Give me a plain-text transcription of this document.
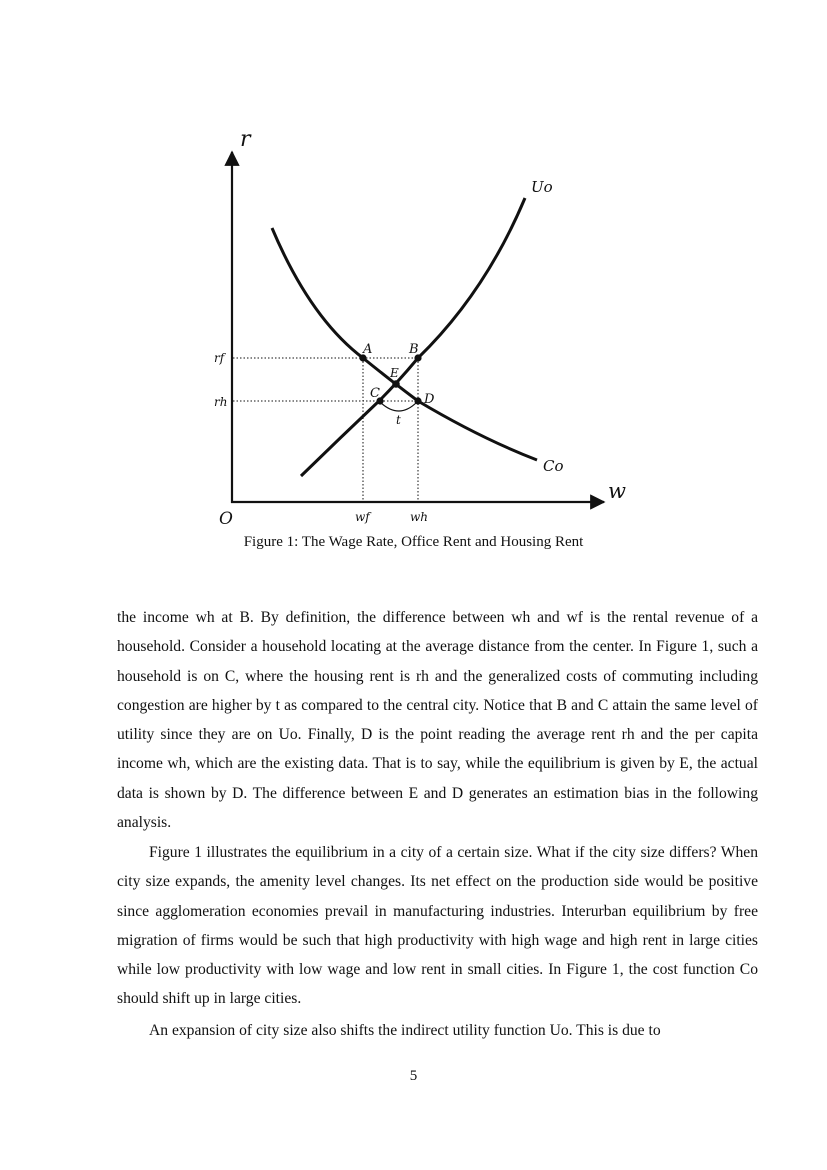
r
w
O
Uo
Co
A	B
E
C	D
t
rf
rh
wf	wh
Figure 1: The Wage Rate, Office Rent and Housing Rent

the income wh at B. By definition, the difference between wh and wf is the rental revenue of a household. Consider a household locating at the average distance from the center. In Figure 1, such a household is on C, where the housing rent is rh and the generalized costs of commuting including congestion are higher by t as compared to the central city. Notice that B and C attain the same level of utility since they are on Uo. Finally, D is the point reading the average rent rh and the per capita income wh, which are the existing data. That is to say, while the equilibrium is given by E, the actual data is shown by D. The difference between E and D generates an estimation bias in the following analysis.

Figure 1 illustrates the equilibrium in a city of a certain size. What if the city size differs? When city size expands, the amenity level changes. Its net effect on the production side would be positive since agglomeration economies prevail in manufacturing industries. Interurban equilibrium by free migration of firms would be such that high productivity with high wage and high rent in large cities while low productivity with low wage and low rent in small cities. In Figure 1, the cost function Co should shift up in large cities.

An expansion of city size also shifts the indirect utility function Uo. This is due to

5
